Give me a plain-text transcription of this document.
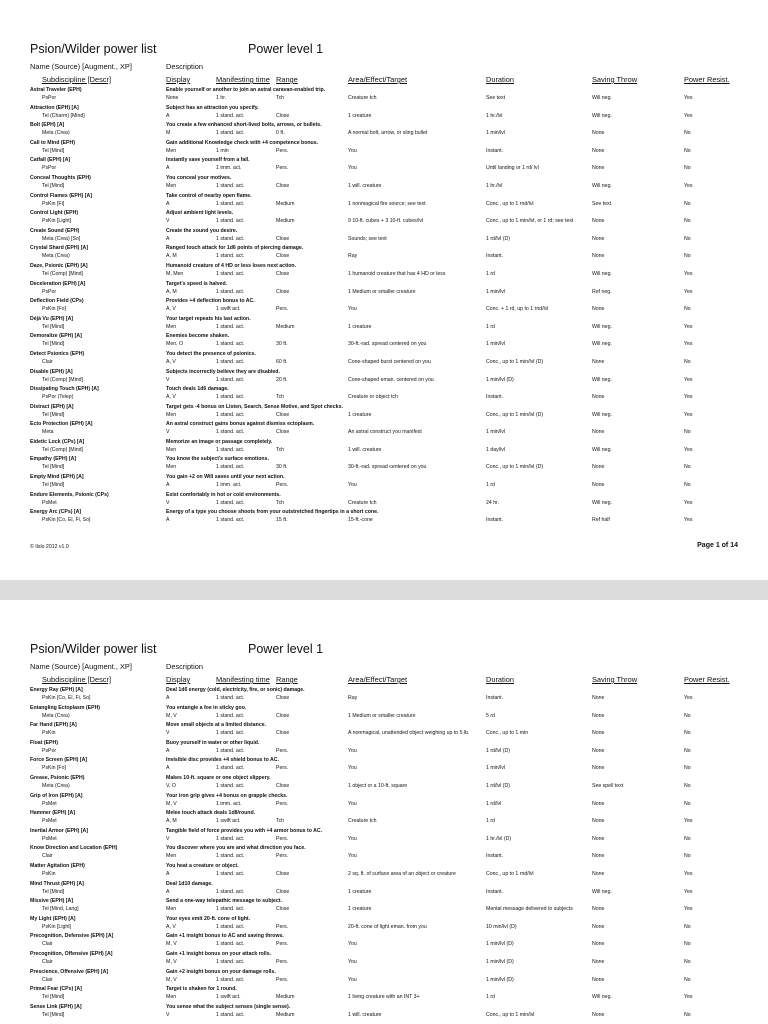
Psion/Wilder power list	Power level 1
Name (Source) [Augment., XP]	Description
Subdiscipline [Descr]	Display	Manifesting time Range	Area/Effect/Target	Duration	Saving Throw	Power Resist.
Astral Traveler (EPH)	Enable yourself or another to join an astral caravan-enabled trip.
PsPor	None	1 hr.	Tch	Creature tch	See text	Will neg.	Yes
Attraction (EPH) [A]	Subject has an attraction you specify.
Tel (Charm) [Mind]	A	1 stand. act.	Close	1 creature	1 hr./lvl	Will neg.	Yes
Bolt (EPH) [A]	You create a few enhanced short-lived bolts, arrows, or bullets.
Meta (Crea)	M	1 stand. act.	0 ft.	A normal bolt, arrow, or sling bullet	1 min/lvl	None	No
Call to Mind (EPH)	Gain additional Knowledge check with +4 competence bonus.
Tel [Mind]	Men	1 min	Pers.	You	Instant.	None	No
Catfall (EPH) [A]	Instantly save yourself from a fall.
PsPor	A	1 imm. act.	Pers.	You	Until landing or 1 rd/ lvl	None	No
Conceal Thoughts (EPH)	You conceal your motives.
Tel [Mind]	Men	1 stand. act.	Close	1 will. creature	1 hr./lvl	Will neg.	Yes
Control Flames (EPH) [A]	Take control of nearby open flame.
PsKin [Fi]	A	1 stand. act.	Medium	1 nonmagical fire source; see text	Conc., up to 1 rnd/lvl	See text	No
Control Light (EPH)	Adjust ambient light levels.
PsKin [Light]	V	1 stand. act.	Medium	9 10-ft. cubes + 3 10-ft. cubes/lvl	Conc., up to 1 min/lvl, or 1 rd; see text	None	No
Create Sound (EPH)	Create the sound you desire.
Meta (Crea) [So]	A	1 stand. act.	Close	Sounds; see text	1 rd/lvl (D)	None	No
Crystal Shard (EPH) [A]	Ranged touch attack for 1d6 points of piercing damage.
Meta (Crea)	A, M	1 stand. act.	Close	Ray	Instant.	None	No
Daze, Psionic (EPH) [A]	Humanoid creature of 4 HD or less loses next action.
Tel (Comp) [Mind]	M, Men	1 stand. act.	Close	1 humanoid creature that has 4 HD or less	1 rd	Will neg.	Yes
Deceleration (EPH) [A]	Target's speed is halved.
PsPor	A, M	1 stand. act.	Close	1 Medium or smaller creature	1 min/lvl	Ref neg.	Yes
Deflection Field (CPs)	Provides +4 deflection bonus to AC.
PsKin [Fo]	A, V	1 swift act.	Pers.	You	Conc. + 1 rd, up to 1 rnd/lvl	None	No
Déjà Vu (EPH) [A]	Your target repeats his last action.
Tel [Mind]	Men	1 stand. act.	Medium	1 creature	1 rd	Will neg.	Yes
Demoralize (EPH) [A]	Enemies become shaken.
Tel [Mind]	Men, O	1 stand. act.	30 ft.	30-ft.-rad. spread centered on you	1 min/lvl	Will neg.	Yes
Detect Psionics (EPH)	You detect the presence of psionics.
Clair	A, V	1 stand. act.	60 ft.	Cone-shaped burst centered on you	Conc., up to 1 min/lvl (D)	None	No
Disable (EPH) [A]	Subjects incorrectly believe they are disabled.
Tel (Comp) [Mind]	V	1 stand. act.	20 ft.	Cone-shaped eman. centered on you	1 min/lvl (D)	Will neg.	Yes
Dissipating Touch (EPH) [A]	Touch deals 1d6 damage.
PsPor (Telep)	A, V	1 stand. act.	Tch	Creature or object tch	Instant.	None	Yes
Distract (EPH) [A]	Target gets -4 bonus on Listen, Search, Sense Motive, and Spot checks.
Tel [Mind]	Men	1 stand. act.	Close	1 creature	Conc., up to 1 min/lvl (D)	Will neg.	Yes
Ecto Protection (EPH) [A]	An astral construct gains bonus against dismiss ectoplasm.
Meta	V	1 stand. act.	Close	An astral construct you manifest	1 min/lvl	None	No
Eidetic Lock (CPs) [A]	Memorize an image or passage completely.
Tel (Comp) [Mind]	Men	1 stand. act.	Tch	1 will. creature	1 day/lvl	Will neg.	Yes
Empathy (EPH) [A]	You know the subject's surface emotions.
Tel [Mind]	Men	1 stand. act.	30 ft.	30-ft.-rad. spread centered on you	Conc., up to 1 min/lvl (D)	None	No
Empty Mind (EPH) [A]	You gain +2 on Will saves until your next action.
Tel [Mind]	A	1 imm. act.	Pers.	You	1 rd	None	No
Endure Elements, Psionic (CPs)	Exist comfortably in hot or cold environments.
PsMet	V	1 stand. act.	Tch	Creature tch	24 hr.	Will neg.	Yes
Energy Arc (CPs) [A]	Energy of a type you choose shoots from your outstretched fingertips in a short cone.
PsKin [Co, El, Fi, So]	A	1 stand. act.	15 ft.	15-ft.-cone	Instant.	Ref half	Yes
© Ilslo 2012 v1.0	Page 1 of 14
Psion/Wilder power list	Power level 1
Name (Source) [Augment., XP]	Description
Subdiscipline [Descr]	Display	Manifesting time Range	Area/Effect/Target	Duration	Saving Throw	Power Resist.
Energy Ray (EPH) [A]	Deal 1d6 energy (cold, electricity, fire, or sonic) damage.
PsKin [Co, El, Fi, So]	A	1 stand. act.	Close	Ray	Instant.	None	Yes
Entangling Ectoplasm (EPH)	You entangle a foe in sticky goo.
Meta (Crea)	M, V	1 stand. act.	Close	1 Medium or smaller creature	5 rd	None	No
Far Hand (EPH) [A]	Move small objects at a limited distance.
PsKin	V	1 stand. act.	Close	A nonmagical, unattended object weighing up to 5 lb.	Conc., up to 1 min	None	No
Float (EPH)	Buoy yourself in water or other liquid.
PsPor	A	1 stand. act.	Pers.	You	1 rd/lvl (D)	None	No
Force Screen (EPH) [A]	Invisible disc provides +4 shield bonus to AC.
PsKin [Fo]	A	1 stand. act.	Pers.	You	1 min/lvl	None	No
Grease, Psionic (EPH)	Makes 10-ft. square or one object slippery.
Meta (Crea)	V, O	1 stand. act.	Close	1 object or a 10-ft. square	1 rd/lvl (D)	See spell text	No
Grip of Iron (EPH) [A]	Your iron grip gives +4 bonus on grapple checks.
PsMet	M, V	1 imm. act.	Pers.	You	1 rd/lvl	None	No
Hammer (EPH) [A]	Melee touch attack deals 1d8/round.
PsMet	A, M	1 swift act.	Tch	Creature tch	1 rd	None	Yes
Inertial Armor (EPH) [A]	Tangible field of force provides you with +4 armor bonus to AC.
PsMet	V	1 stand. act.	Pers.	You	1 hr./lvl (D)	None	No
Know Direction and Location (EPH)	You discover where you are and what direction you face.
Clair	Men	1 stand. act.	Pers.	You	Instant.	None	No
Matter Agitation (EPH)	You heat a creature or object.
PsKin	A	1 stand. act.	Close	2 sq. ft. of surface area of an object or creature	Conc., up to 1 rnd/lvl	None	Yes
Mind Thrust (EPH) [A]	Deal 1d10 damage.
Tel [Mind]	A	1 stand. act.	Close	1 creature	Instant.	Will neg.	Yes
Missive (EPH) [A]	Send a one-way telepathic message to subject.
Tel [Mind, Lang]	Men	1 stand. act.	Close	1 creature	Mental message delivered to subjects	None	Yes
My Light (EPH) [A]	Your eyes emit 20-ft. cone of light.
PsKin [Light]	A, V	1 stand. act.	Pers.	20-ft. cone of light eman. from you	10 min/lvl (D)	None	No
Precognition, Defensive (EPH) [A]	Gain +1 insight bonus to AC and saving throws.
Clair	M, V	1 stand. act.	Pers.	You	1 min/lvl (D)	None	No
Precognition, Offensive (EPH) [A]	Gain +1 insight bonus on your attack rolls.
Clair	M, V	1 stand. act.	Pers.	You	1 min/lvl (D)	None	No
Prescience, Offensive (EPH) [A]	Gain +2 insight bonus on your damage rolls.
Clair	M, V	1 stand. act.	Pers.	You	1 min/lvl (D)	None	No
Primal Fear (CPs) [A]	Target is shaken for 1 round.
Tel [Mind]	Men	1 swift act.	Medium	1 living creature with an INT 3+	1 rd	Will neg.	Yes
Sense Link (EPH) [A]	You sense what the subject senses (single sense).
Tel [Mind]	V	1 stand. act.	Medium	1 will. creature	Conc., up to 1 min/lvl	None	No
